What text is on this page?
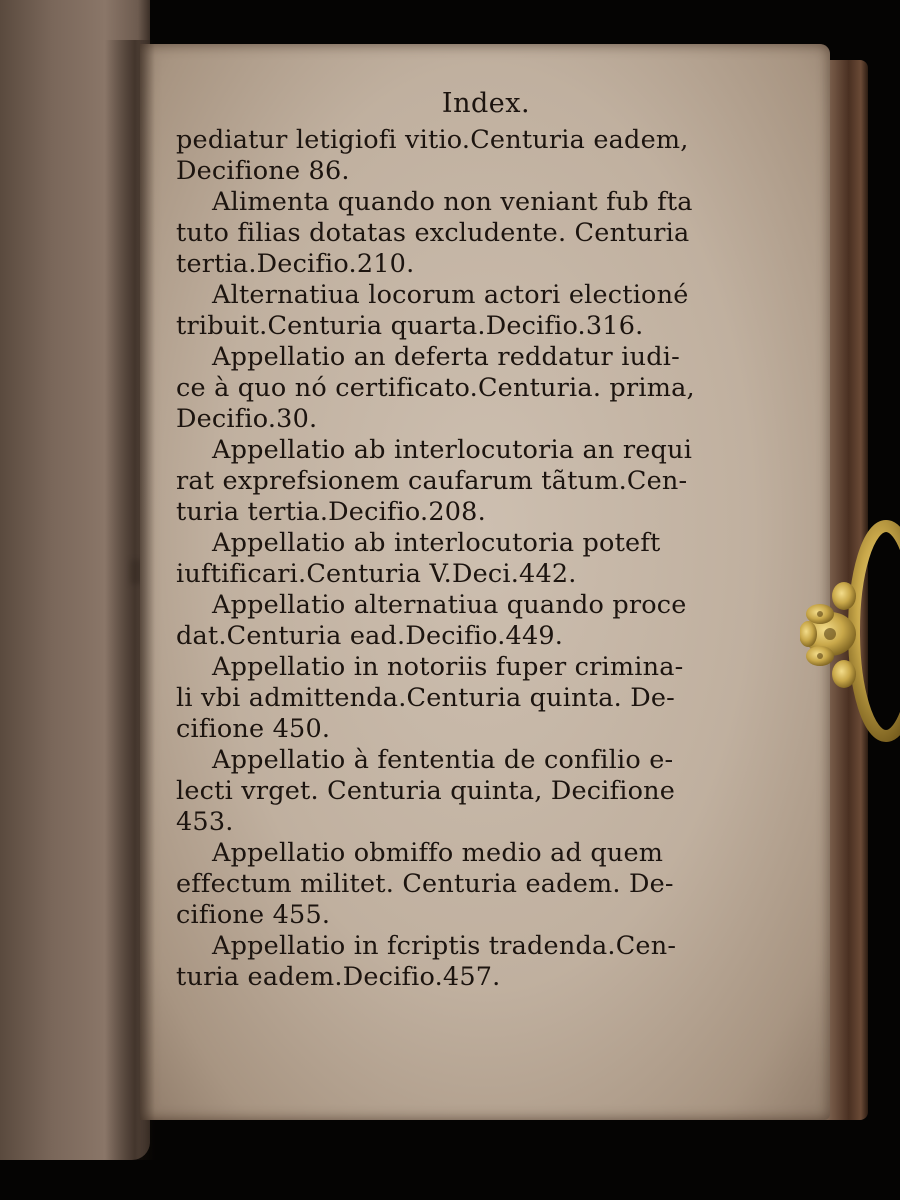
Index.
pediatur letigiofi vitio.Centuria eadem,
Decifione 86.
Alimenta quando non veniant fub fta
tuto filias dotatas excludente. Centuria
tertia.Decifio.210.
Alternatiua locorum actori electioné
tribuit.Centuria quarta.Decifio.316.
Appellatio an deferta reddatur iudi-
ce à quo nó certificato.Centuria. prima,
Decifio.30.
Appellatio ab interlocutoria an requi
rat exprefsionem caufarum tãtum.Cen-
turia tertia.Decifio.208.
Appellatio ab interlocutoria poteft
iuftificari.Centuria V.Deci.442.
Appellatio alternatiua quando proce
dat.Centuria ead.Decifio.449.
Appellatio in notoriis fuper crimina-
li vbi admittenda.Centuria quinta. De-
cifione 450.
Appellatio à fententia de confilio e-
lecti vrget. Centuria quinta, Decifione
453.
Appellatio obmiffo medio ad quem
effectum militet. Centuria eadem. De-
cifione 455.
Appellatio in fcriptis tradenda.Cen-
turia eadem.Decifio.457.
